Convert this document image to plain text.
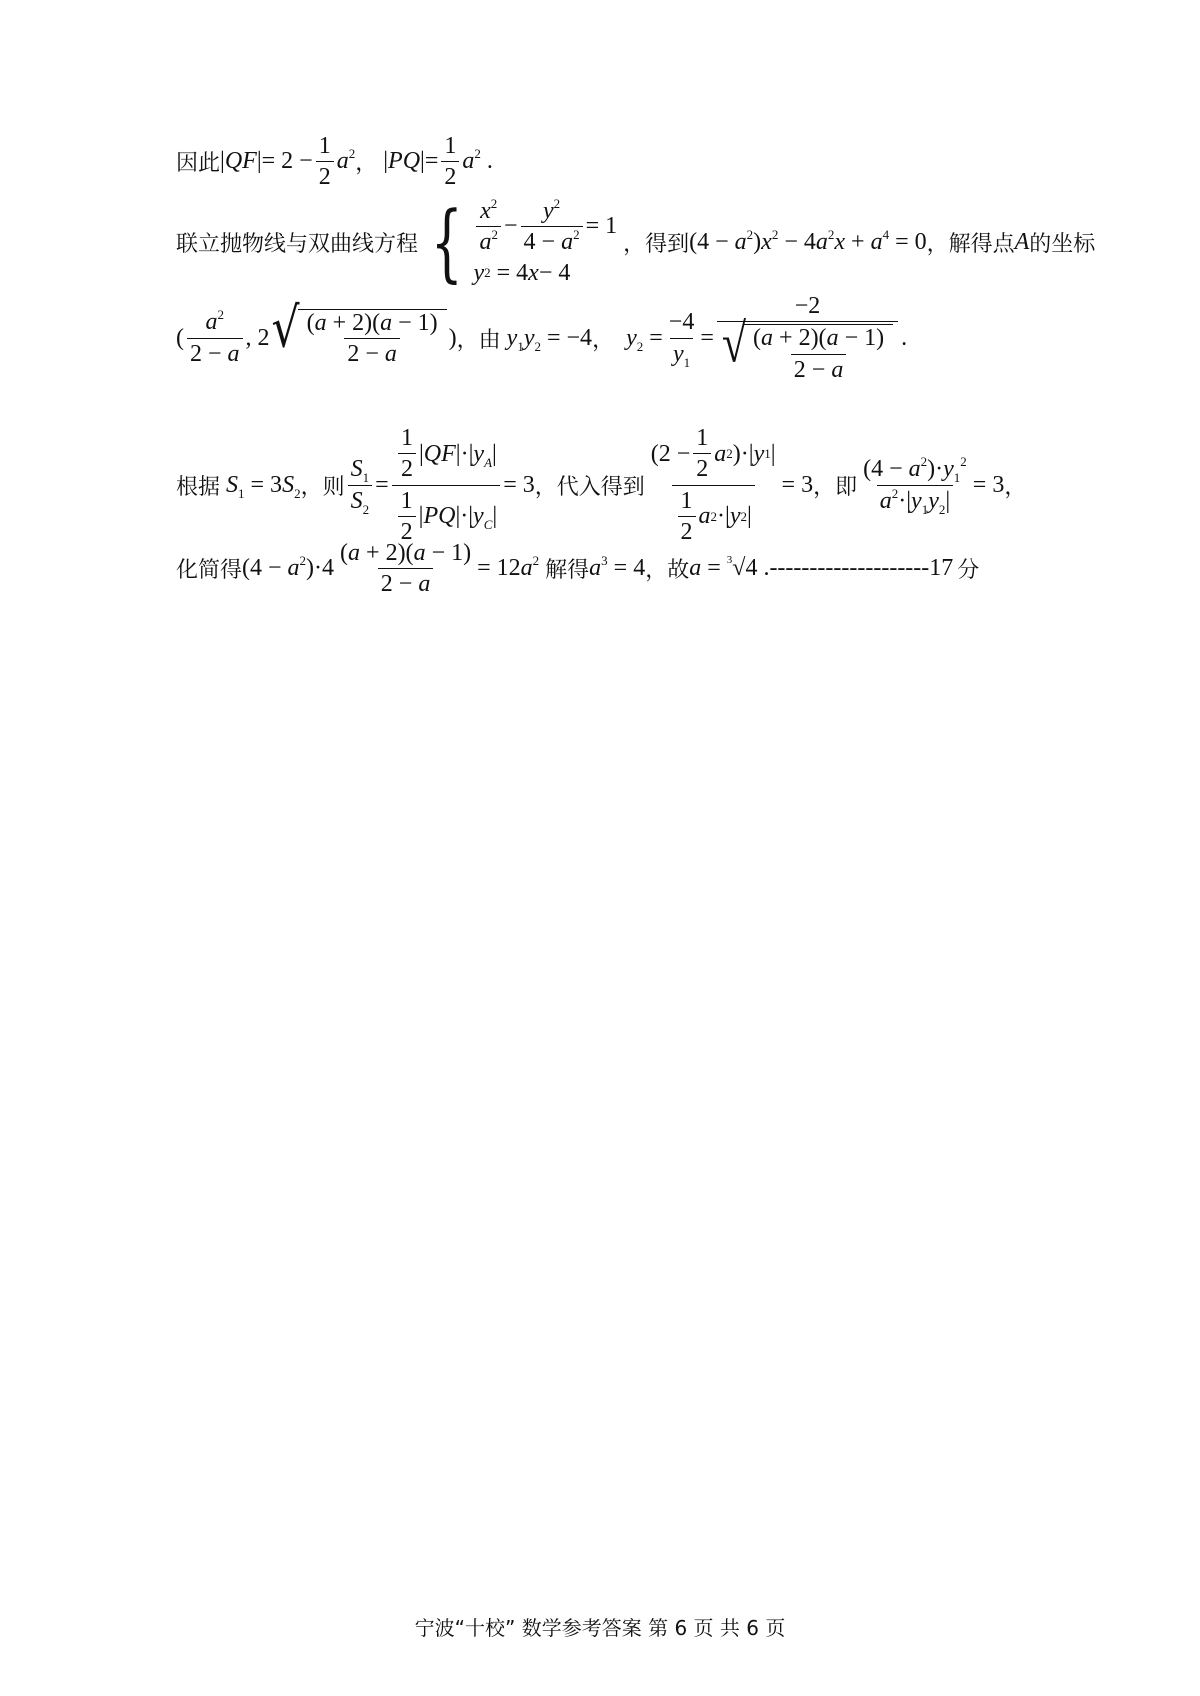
因此 $|QF|= 2 - \frac{1}{2} a^2$ ， $|PQ|= \frac{1}{2} a^2$ .
联立抛物线与双曲线方程 { $\frac{x^2}{a^2} - \frac{y^2}{4 - a^2} = 1$
y 2 = 4 x − 4
，得到 $(4 - a^2)x^2 - 4a^2x + a^4 = 0$ ，解得点 A 的坐标
( $\frac{a^2}{2 - a}$ , 2 √ $\frac{(a + 2)(a - 1)}{2 - a}$ ) ，由 $y_1y_2 = -4$ ， $y_2 = \frac{-4}{y_1} = \frac{-2}{√ \frac{(a + 2)(a - 1)}{2 - a}}$ .
根据 $S_1 = 3S_2$ ，则 $\frac{S_1}{S_2} = \frac{\frac{1}{2} | QF |\cdot| y_A |}{\frac{1}{2} | PQ |\cdot| y_C |} = 3$ ，代入得到 $\frac{(2 - \frac{1}{2} a 2 )\cdot| y 1 |}{\frac{1}{2} a 2 \cdot| y 2 |} = 3$ ，即 $\frac{(4 - a^2)\cdot y_1^2}{a^2\cdot|y_1y_2|} = 3$ ，
化简得 $(4 - a^2)\cdot 4 \frac{(a + 2)(a - 1)}{2 - a} = 12a^2$ 解得 $a^3 = 4$ ，故 a = $^3$√4 .--------------------17 分
宁波“十校” 数学参考答案 第 6 页 共 6 页
